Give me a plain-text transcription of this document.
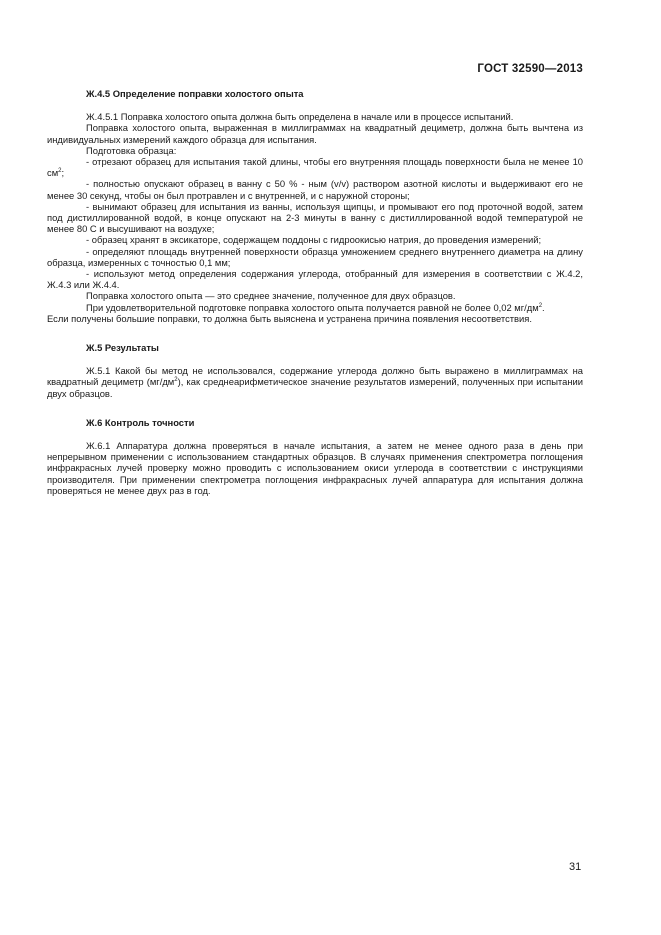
ГОСТ 32590—2013

Ж.4.5 Определение поправки холостого опыта

Ж.4.5.1 Поправка холостого опыта должна быть определена в начале или в процессе испытаний.

Поправка холостого опыта, выраженная в миллиграммах на квадратный дециметр, должна быть вычтена из индивидуальных измерений каждого образца для испытания.

Подготовка образца:

- отрезают образец для испытания такой длины, чтобы его внутренняя площадь поверхности была не менее 10 $см^2$;

- полностью опускают образец в ванну с 50 % - ным (v/v) раствором азотной кислоты и выдерживают его не менее 30 секунд, чтобы он был протравлен и с внутренней, и с наружной стороны;

- вынимают образец для испытания из ванны, используя щипцы, и промывают его под проточной водой, затем под дистиллированной водой, в конце опускают на 2-3 минуты в ванну с дистиллированной водой температурой не менее 80 С и высушивают на воздухе;

- образец хранят в эксикаторе, содержащем поддоны с гидроокисью натрия, до проведения измерений;

- определяют площадь внутренней поверхности образца умножением среднего внутреннего диаметра на длину образца, измеренных с точностью 0,1 мм;

- используют метод определения содержания углерода, отобранный для измерения в соответствии с Ж.4.2, Ж.4.3 или Ж.4.4.

Поправка холостого опыта — это среднее значение, полученное для двух образцов.

При удовлетворительной подготовке поправка холостого опыта получается равной не более 0,02 $мг/дм^2$.

Если получены большие поправки, то должна быть выяснена и устранена причина появления несоответствия.

Ж.5 Результаты

Ж.5.1 Какой бы метод не использовался, содержание углерода должно быть выражено в миллиграммах на квадратный дециметр $(мг/дм^2)$, как среднеарифметическое значение результатов измерений, полученных при испытании двух образцов.

Ж.6 Контроль точности

Ж.6.1 Аппаратура должна проверяться в начале испытания, а затем не менее одного раза в день при непрерывном применении с использованием стандартных образцов. В случаях применения спектрометра поглощения инфракрасных лучей проверку можно проводить с использованием окиси углерода в соответствии с инструкциями производителя. При применении спектрометра поглощения инфракрасных лучей аппаратура для испытания должна проверяться не менее двух раз в год.

31
